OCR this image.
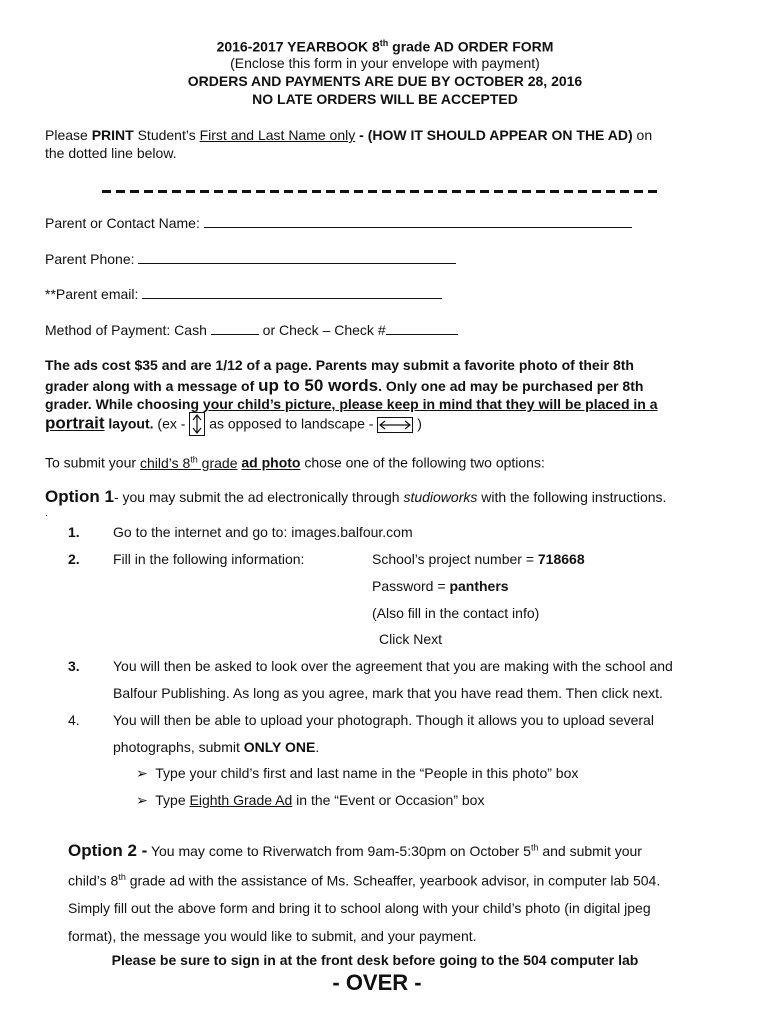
2016-2017 YEARBOOK 8th grade AD ORDER FORM
(Enclose this form in your envelope with payment)
ORDERS AND PAYMENTS ARE DUE BY OCTOBER 28, 2016
NO LATE ORDERS WILL BE ACCEPTED
Please PRINT Student’s First and Last Name only - (HOW IT SHOULD APPEAR ON THE AD) on
the dotted line below.
Parent or Contact Name:
Parent Phone:
**Parent email:
Method of Payment: Cash	or Check – Check #
The ads cost $35 and are 1/12 of a page. Parents may submit a favorite photo of their 8th
grader along with a message of up to 50 words. Only one ad may be purchased per 8th
grader. While choosing your child’s picture, please keep in mind that they will be placed in a
portrait layout. (ex -  as opposed to landscape -	)
To submit your child’s 8th grade ad photo chose one of the following two options:
Option 1- you may submit the ad electronically through studioworks with the following instructions.
.
1. Go to the internet and go to: images.balfour.com
2. Fill in the following information:	School’s project number = 718668
Password = panthers
(Also fill in the contact info)
Click Next
3. You will then be asked to look over the agreement that you are making with the school and
Balfour Publishing. As long as you agree, mark that you have read them. Then click next.
4. You will then be able to upload your photograph. Though it allows you to upload several
photographs, submit ONLY ONE.
➢ Type your child’s first and last name in the “People in this photo” box
➢ Type Eighth Grade Ad in the “Event or Occasion” box
Option 2 - You may come to Riverwatch from 9am-5:30pm on October 5th and submit your
child’s 8th grade ad with the assistance of Ms. Scheaffer, yearbook advisor, in computer lab 504.
Simply fill out the above form and bring it to school along with your child’s photo (in digital jpeg
format), the message you would like to submit, and your payment.
Please be sure to sign in at the front desk before going to the 504 computer lab
- OVER -
